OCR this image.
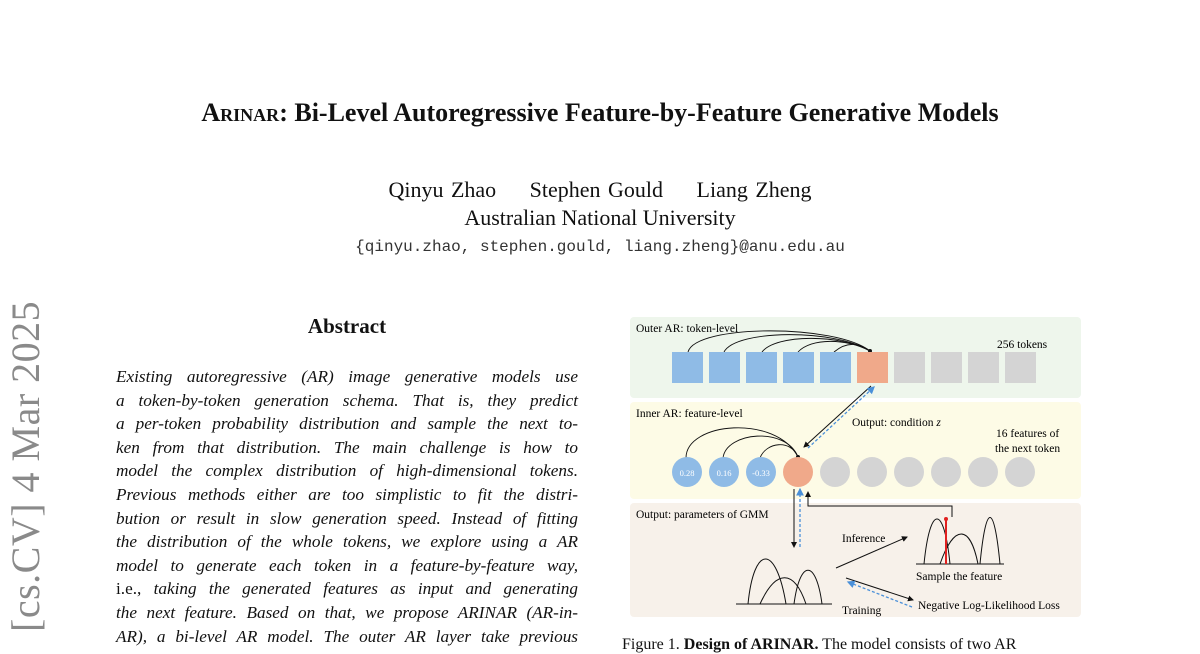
Arinar: Bi-Level Autoregressive Feature-by-Feature Generative Models
Qinyu Zhao Stephen Gould Liang Zheng
Australian National University
{qinyu.zhao, stephen.gould, liang.zheng}@anu.edu.au
[cs.CV] 4 Mar 2025	Abstract
Existing autoregressive (AR) image generative models use
a token-by-token generation schema. That is, they predict
a per-token probability distribution and sample the next to-
ken from that distribution. The main challenge is how to
model the complex distribution of high-dimensional tokens.
Previous methods either are too simplistic to fit the distri-
bution or result in slow generation speed. Instead of fitting
the distribution of the whole tokens, we explore using a AR
model to generate each token in a feature-by-feature way,
i.e., taking the generated features as input and generating
the next feature. Based on that, we propose ARINAR (AR-in-
AR), a bi-level AR model. The outer AR layer take previous
Outer AR: token-level
256 tokens
Inner AR: feature-level
Output: condition z
16 features of
the next token
0.28	0.16 -0.33
Output: parameters of GMM
Inference
Training
Sample the feature
Negative Log-Likelihood Loss
Figure 1. Design of ARINAR. The model consists of two AR
